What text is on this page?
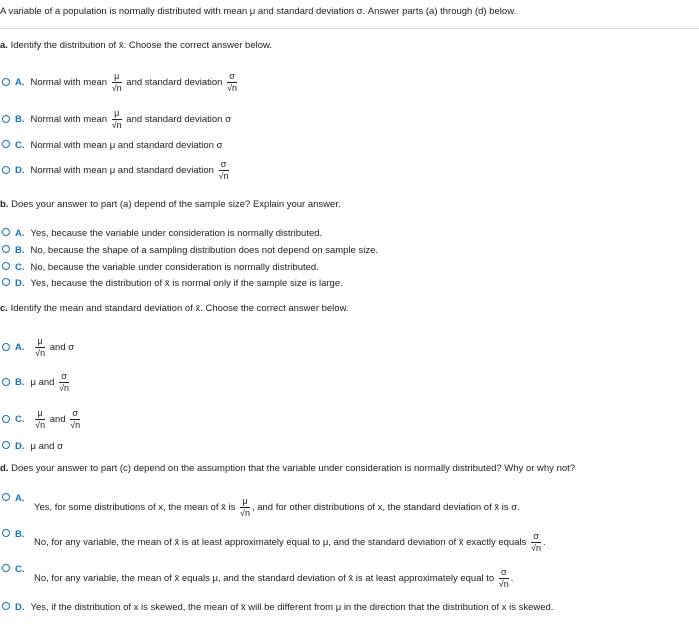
A variable of a population is normally distributed with mean μ and standard deviation σ. Answer parts (a) through (d) below.
a. Identify the distribution of x̄. Choose the correct answer below.
A. Normal with mean $\frac{\mu}{√n}$ and standard deviation $\frac{\sigma}{√n}$
B. Normal with mean $\frac{\mu}{√n}$ and standard deviation σ
C. Normal with mean μ and standard deviation σ
D. Normal with mean μ and standard deviation $\frac{\sigma}{√n}$
b. Does your answer to part (a) depend of the sample size? Explain your answer.
A. Yes, because the variable under consideration is normally distributed.
B. No, because the shape of a sampling distribution does not depend on sample size.
C. No, because the variable under consideration is normally distributed.
D. Yes, because the distribution of x̄ is normal only if the sample size is large.
c. Identify the mean and standard deviation of x̄. Choose the correct answer below.
A. $\frac{\mu}{√n}$ and σ
B. μ and $\frac{\sigma}{√n}$
C. $\frac{\mu}{√n}$ and $\frac{\sigma}{√n}$
D. μ and σ
d. Does your answer to part (c) depend on the assumption that the variable under consideration is normally distributed? Why or why not?
A.
Yes, for some distributions of x, the mean of x̄ is $\frac{\mu}{√n}$ , and for other distributions of x, the standard deviation of x̄ is σ.
B.
No, for any variable, the mean of x̄ is at least approximately equal to μ, and the standard deviation of x̄ exactly equals $\frac{\sigma}{√n}$ .
C.
No, for any variable, the mean of x̄ equals μ, and the standard deviation of x̄ is at least approximately equal to $\frac{\sigma}{√n}$ .
D. Yes, if the distribution of x is skewed, the mean of x̄ will be different from μ in the direction that the distribution of x is skewed.
